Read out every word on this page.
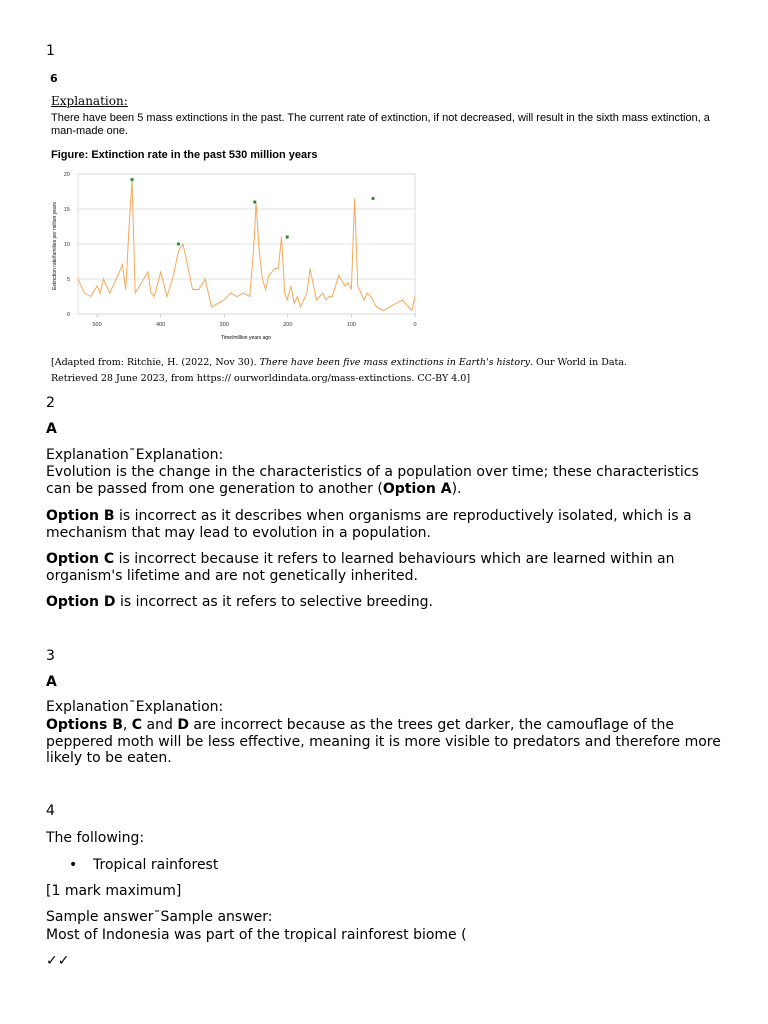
1
6
Explanation:
There have been 5 mass extinctions in the past. The current rate of extinction, if not decreased, will result in the sixth mass extinction, a man-made one.
Figure: Extinction rate in the past 530 million years
0
5
10
15
20
500	400	300	200	100	0
Extinction rate/families per million years
Time/million years ago
[Adapted from: Ritchie, H. (2022, Nov 30). There have been five mass extinctions in Earth's history. Our World in Data.
Retrieved 28 June 2023, from https:// ourworldindata.org/mass-extinctions. CC-BY 4.0]
2
A
Explanation¯Explanation:
Evolution is the change in the characteristics of a population over time; these characteristics can be passed from one generation to another (Option A).
Option B is incorrect as it describes when organisms are reproductively isolated, which is a mechanism that may lead to evolution in a population.
Option C is incorrect because it refers to learned behaviours which are learned within an organism's lifetime and are not genetically inherited.
Option D is incorrect as it refers to selective breeding.
3
A
Explanation¯Explanation:
Options B, C and D are incorrect because as the trees get darker, the camouflage of the peppered moth will be less effective, meaning it is more visible to predators and therefore more likely to be eaten.
4
The following:
• Tropical rainforest
[1 mark maximum]
Sample answer¯Sample answer:
Most of Indonesia was part of the tropical rainforest biome (
✓✓
